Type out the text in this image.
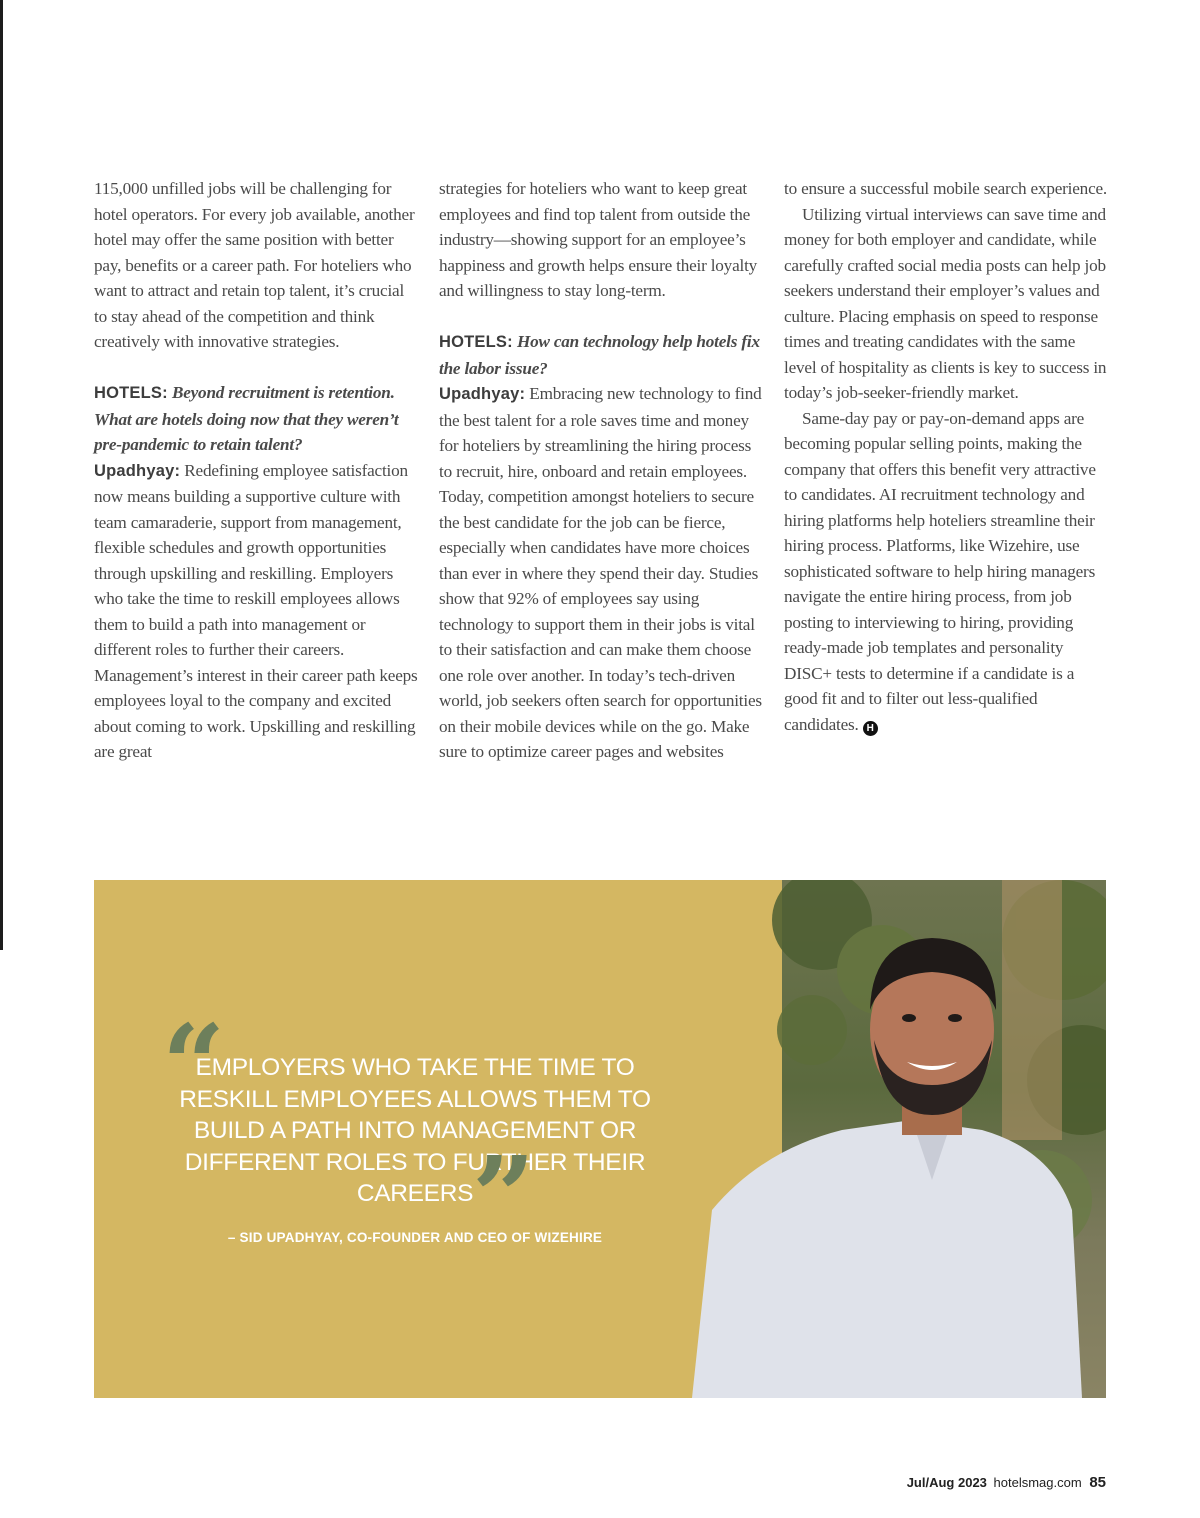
115,000 unfilled jobs will be challenging for hotel operators. For every job available, another hotel may offer the same position with better pay, benefits or a career path. For hoteliers who want to attract and retain top talent, it’s crucial to stay ahead of the competition and think creatively with innovative strategies.

HOTELS: Beyond recruitment is retention. What are hotels doing now that they weren’t pre-pandemic to retain talent?
Upadhyay: Redefining employee satisfaction now means building a supportive culture with team camaraderie, support from management, flexible schedules and growth opportunities through upskilling and reskilling. Employers who take the time to reskill employees allows them to build a path into management or different roles to further their careers. Management’s interest in their career path keeps employees loyal to the company and excited about coming to work. Upskilling and reskilling are great

strategies for hoteliers who want to keep great employees and find top talent from outside the industry—showing support for an employee’s happiness and growth helps ensure their loyalty and willingness to stay long-term.

HOTELS: How can technology help hotels fix the labor issue?
Upadhyay: Embracing new technology to find the best talent for a role saves time and money for hoteliers by streamlining the hiring process to recruit, hire, onboard and retain employees. Today, competition amongst hoteliers to secure the best candidate for the job can be fierce, especially when candidates have more choices than ever in where they spend their day. Studies show that 92% of employees say using technology to support them in their jobs is vital to their satisfaction and can make them choose one role over another. In today’s tech-driven world, job seekers often search for opportunities on their mobile devices while on the go. Make sure to optimize career pages and websites

to ensure a successful mobile search experience.

Utilizing virtual interviews can save time and money for both employer and candidate, while carefully crafted social media posts can help job seekers understand their employer’s values and culture. Placing emphasis on speed to response times and treating candidates with the same level of hospitality as clients is key to success in today’s job-seeker-friendly market.

Same-day pay or pay-on-demand apps are becoming popular selling points, making the company that offers this benefit very attractive to candidates. AI recruitment technology and hiring platforms help hoteliers streamline their hiring process. Platforms, like Wizehire, use sophisticated software to help hiring managers navigate the entire hiring process, from job posting to interviewing to hiring, providing ready-made job templates and personality DISC+ tests to determine if a candidate is a good fit and to filter out less-qualified candidates. H

“
EMPLOYERS WHO TAKE THE TIME TO RESKILL EMPLOYEES ALLOWS THEM TO BUILD A PATH INTO MANAGEMENT OR DIFFERENT ROLES TO FURTHER THEIR CAREERS
”
– SID UPADHYAY, CO-FOUNDER AND CEO OF WIZEHIRE
Jul/Aug 2023 hotelsmag.com 85
